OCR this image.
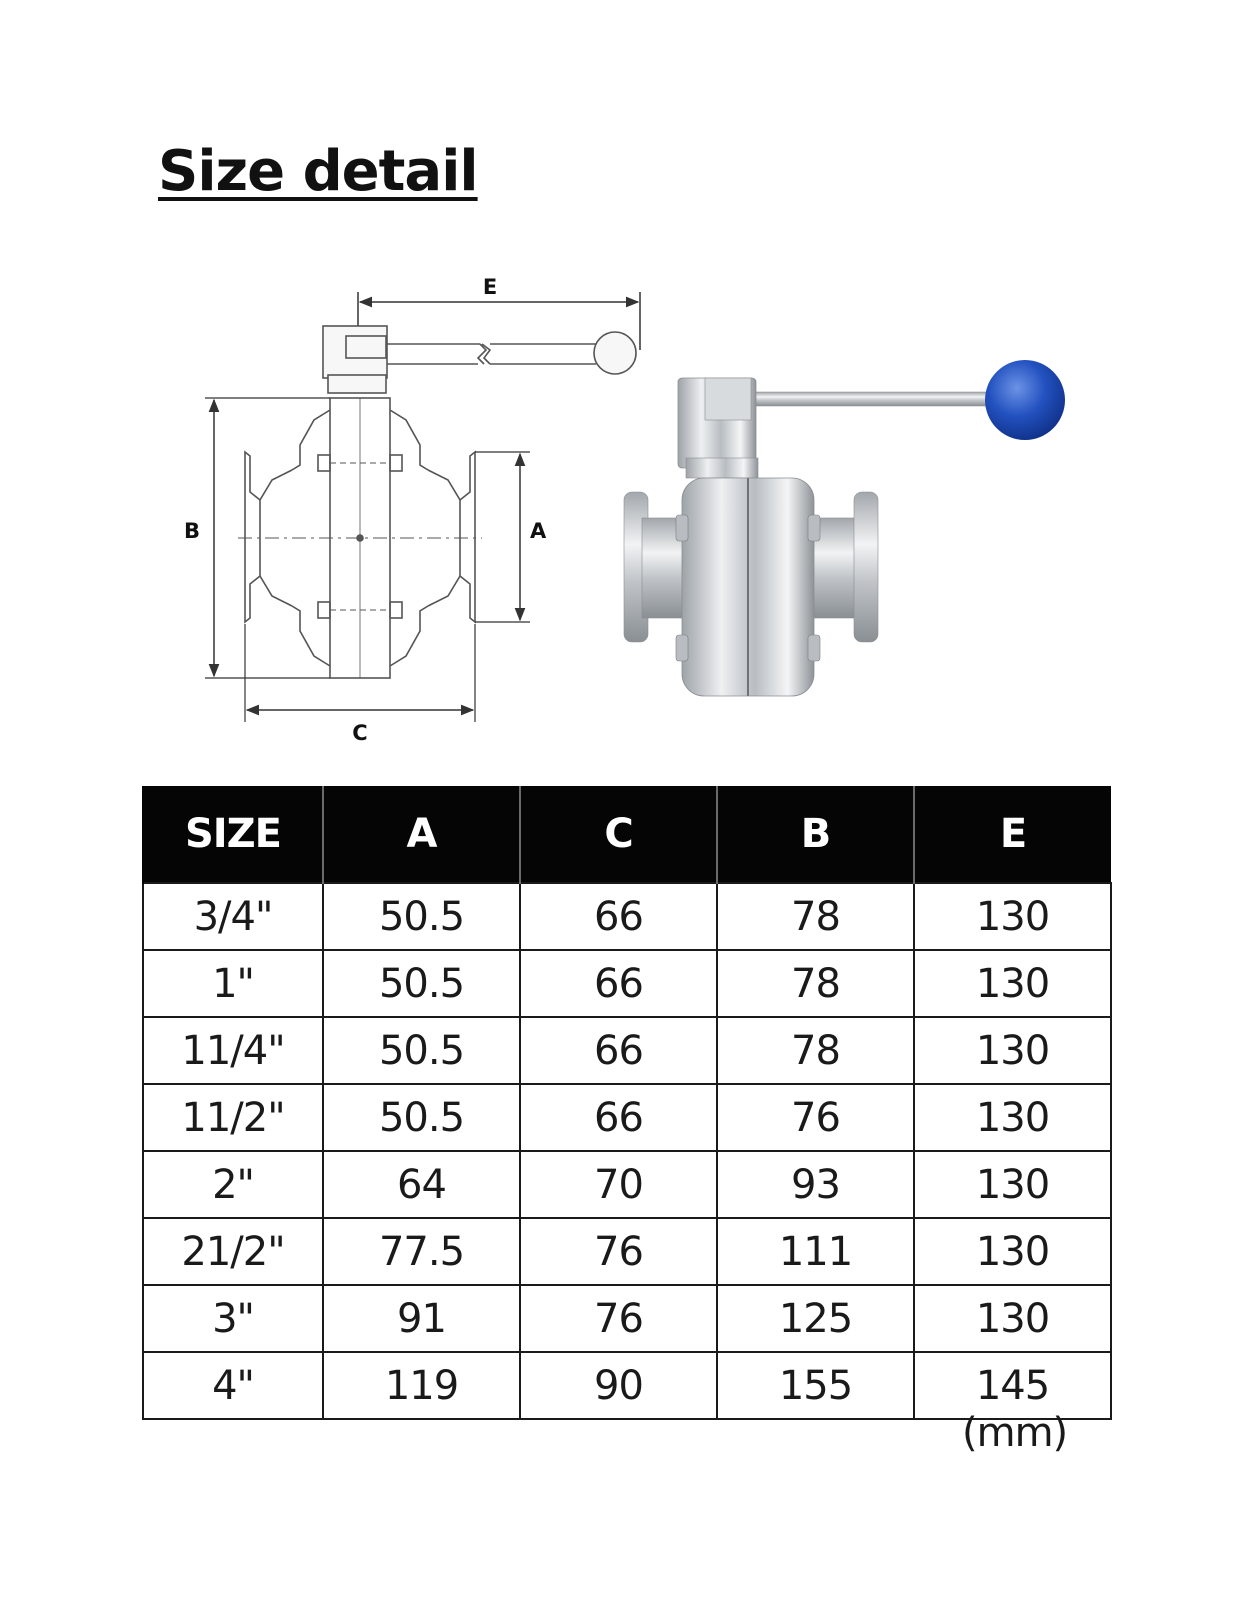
Size detail
E
B	A
C
SIZE	A	C	B	E
3/4"	50.5	66	78	130
1"	50.5	66	78	130
11/4"	50.5	66	78	130
11/2"	50.5	66	76	130
2"	64	70	93	130
21/2"	77.5	76	111	130
3"	91	76	125	130
4"	119	90	155	145
(mm)
